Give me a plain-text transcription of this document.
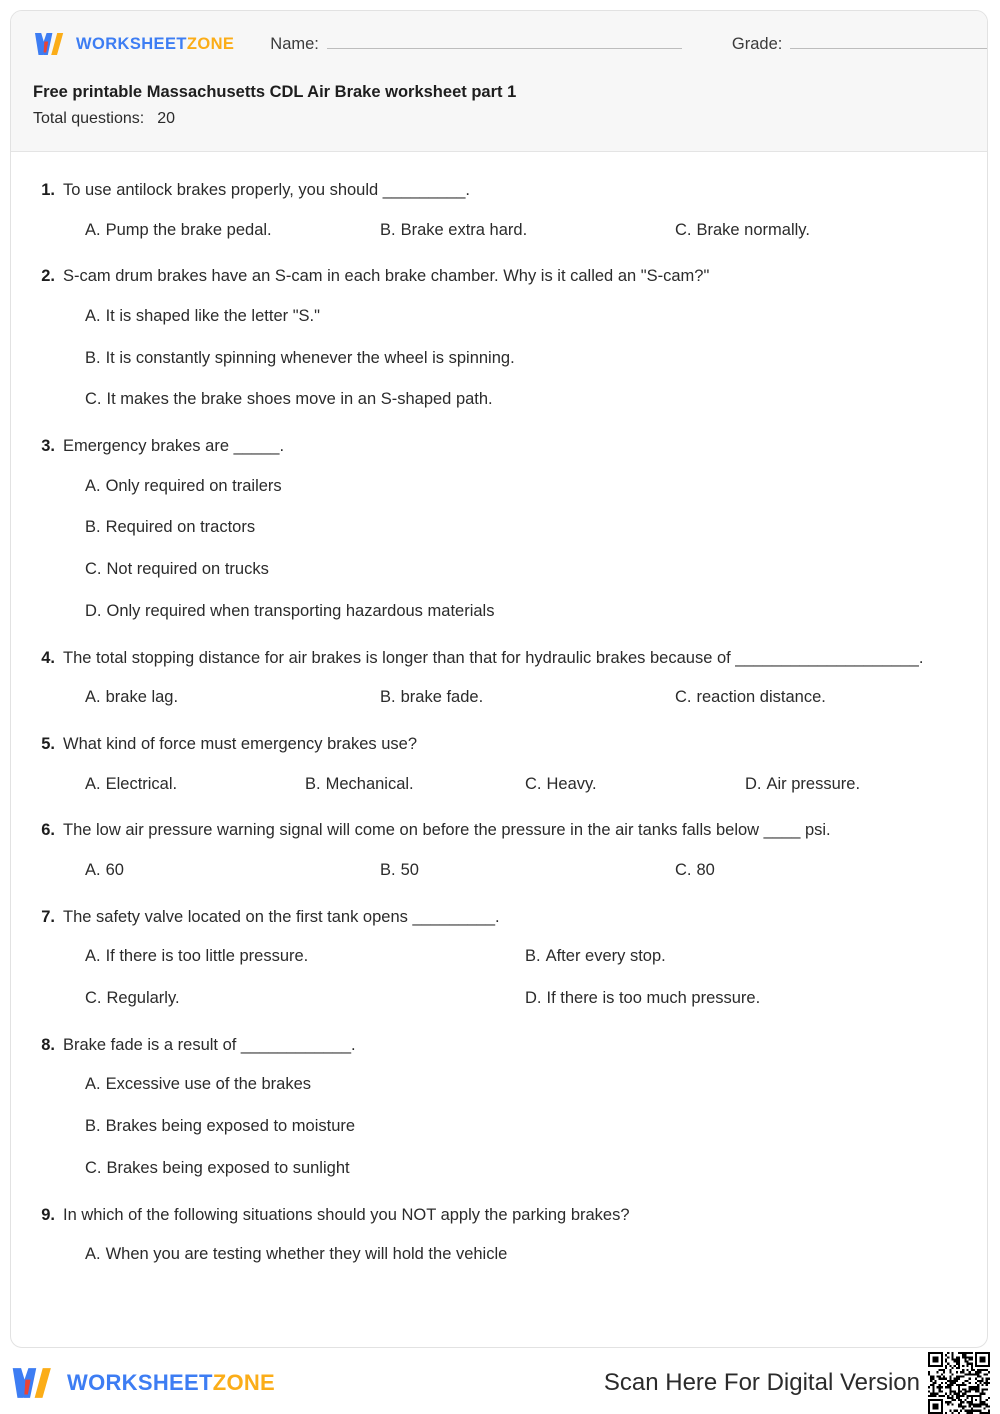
WORKSHEETZONE Name:	Grade:
Free printable Massachusetts CDL Air Brake worksheet part 1
Total questions: 20
1. To use antilock brakes properly, you should _________.
A. Pump the brake pedal.	B. Brake extra hard.	C. Brake normally.
2. S-cam drum brakes have an S-cam in each brake chamber. Why is it called an "S-cam?"
A. It is shaped like the letter "S."
B. It is constantly spinning whenever the wheel is spinning.
C. It makes the brake shoes move in an S-shaped path.
3. Emergency brakes are _____.
A. Only required on trailers
B. Required on tractors
C. Not required on trucks
D. Only required when transporting hazardous materials
4. The total stopping distance for air brakes is longer than that for hydraulic brakes because of ____________________.
A. brake lag.	B. brake fade.	C. reaction distance.
5. What kind of force must emergency brakes use?
A. Electrical.	B. Mechanical.	C. Heavy.	D. Air pressure.
6. The low air pressure warning signal will come on before the pressure in the air tanks falls below ____ psi.
A. 60	B. 50	C. 80
7. The safety valve located on the first tank opens _________.
A. If there is too little pressure.	B. After every stop.
C. Regularly.	D. If there is too much pressure.
8. Brake fade is a result of ____________.
A. Excessive use of the brakes
B. Brakes being exposed to moisture
C. Brakes being exposed to sunlight
9. In which of the following situations should you NOT apply the parking brakes?
A. When you are testing whether they will hold the vehicle
WORKSHEETZONE	Scan Here For Digital Version
